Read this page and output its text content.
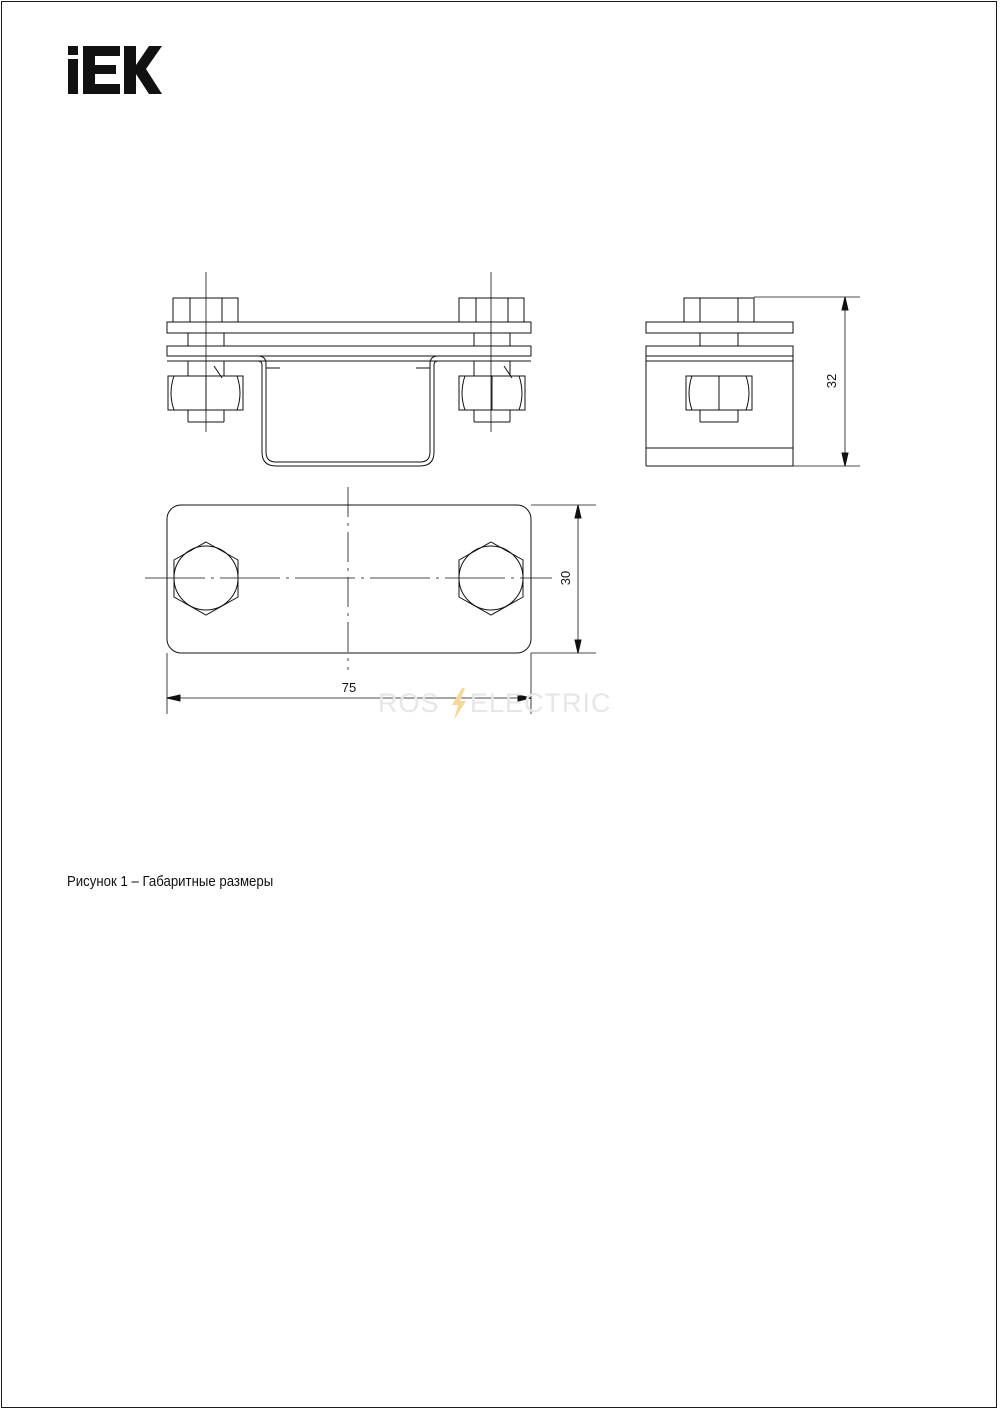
32
30
75
ROS ELECTRIC
Рисунок 1 – Габаритные размеры
